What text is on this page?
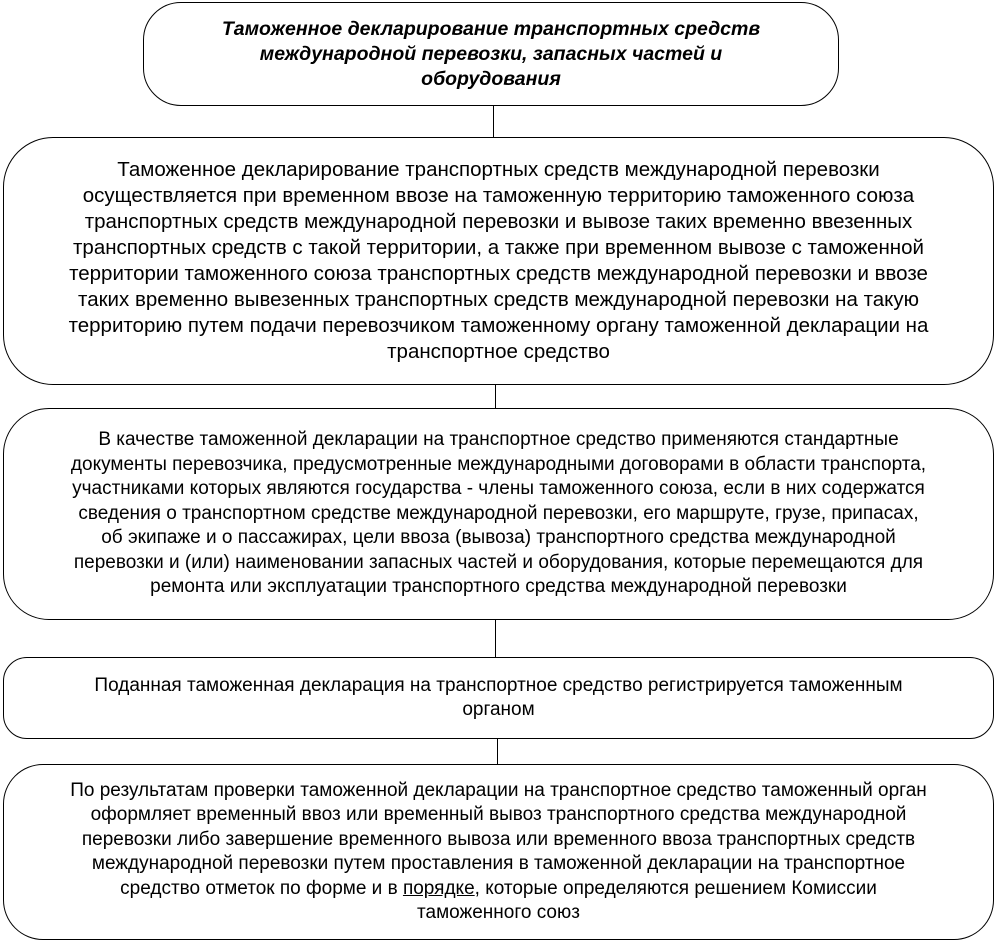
Таможенное декларирование транспортных средств
международной перевозки, запасных частей и
оборудования

Таможенное декларирование транспортных средств международной перевозки
осуществляется при временном ввозе на таможенную территорию таможенного союза
транспортных средств международной перевозки и вывозе таких временно ввезенных
транспортных средств с такой территории, а также при временном вывозе с таможенной
территории таможенного союза транспортных средств международной перевозки и ввозе
таких временно вывезенных транспортных средств международной перевозки на такую
территорию путем подачи перевозчиком таможенному органу таможенной декларации на
транспортное средство

В качестве таможенной декларации на транспортное средство применяются стандартные
документы перевозчика, предусмотренные международными договорами в области транспорта,
участниками которых являются государства - члены таможенного союза, если в них содержатся
сведения о транспортном средстве международной перевозки, его маршруте, грузе, припасах,
об экипаже и о пассажирах, цели ввоза (вывоза) транспортного средства международной
перевозки и (или) наименовании запасных частей и оборудования, которые перемещаются для
ремонта или эксплуатации транспортного средства международной перевозки

Поданная таможенная декларация на транспортное средство регистрируется таможенным
органом

По результатам проверки таможенной декларации на транспортное средство таможенный орган
оформляет временный ввоз или временный вывоз транспортного средства международной
перевозки либо завершение временного вывоза или временного ввоза транспортных средств
международной перевозки путем проставления в таможенной декларации на транспортное
средство отметок по форме и в порядке, которые определяются решением Комиссии
таможенного союз
